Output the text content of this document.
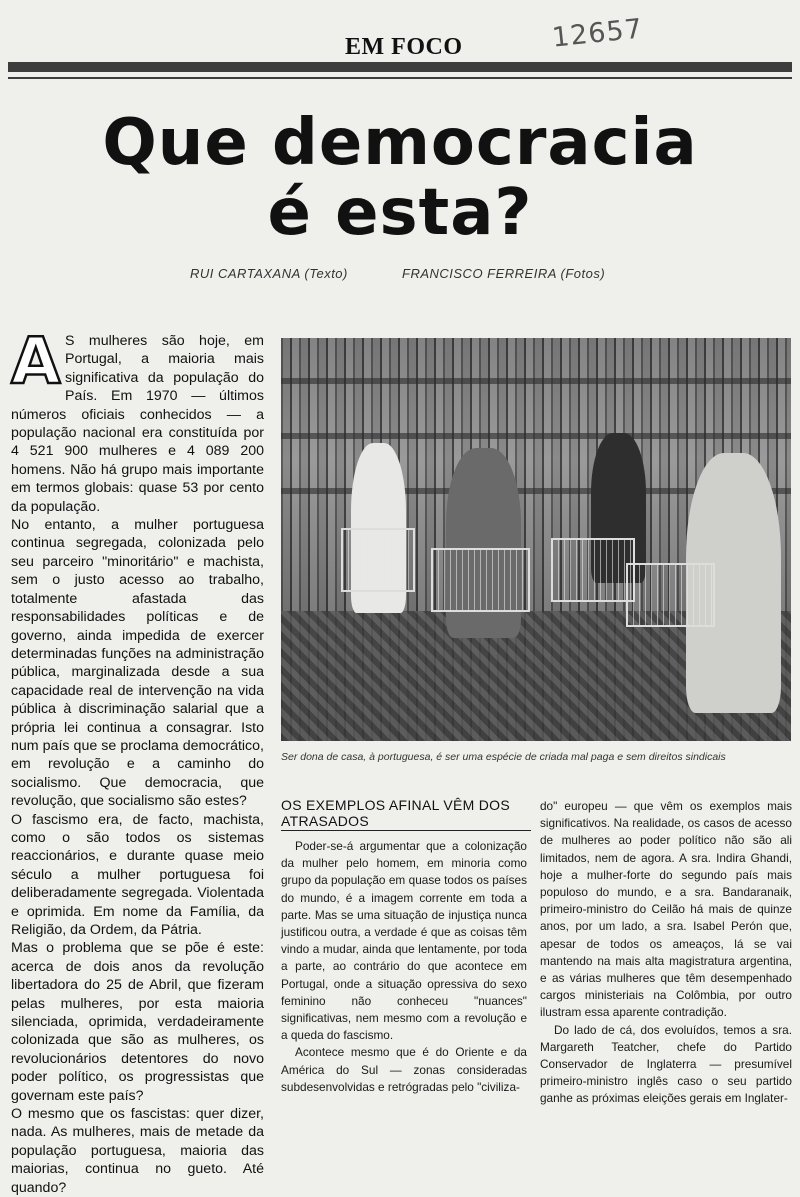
EM FOCO	12657
Que democracia
é esta?
RUI CARTAXANA (Texto)	FRANCISCO FERREIRA (Fotos)
A S mulheres são hoje, em Portugal, a maioria mais significativa da população do País. Em 1970 — últimos números oficiais conhecidos — a população nacional era constituída por 4 521 900 mulheres e 4 089 200 homens. Não há grupo mais importante em termos globais: quase 53 por cento da população.

No entanto, a mulher portuguesa continua segregada, colonizada pelo seu parceiro "minoritário" e machista, sem o justo acesso ao trabalho, totalmente afastada das responsabilidades políticas e de governo, ainda impedida de exercer determinadas funções na administração pública, marginalizada desde a sua capacidade real de intervenção na vida pública à discriminação salarial que a própria lei continua a consagrar. Isto num país que se proclama democrático, em revolução e a caminho do socialismo. Que democracia, que revolução, que socialismo são estes?

O fascismo era, de facto, machista, como o são todos os sistemas reaccionários, e durante quase meio século a mulher portuguesa foi deliberadamente segregada. Violentada e oprimida. Em nome da Família, da Religião, da Ordem, da Pátria.

Mas o problema que se põe é este: acerca de dois anos da revolução libertadora do 25 de Abril, que fizeram pelas mulheres, por esta maioria silenciada, oprimida, verdadeiramente colonizada que são as mulheres, os revolucionários detentores do novo poder político, os progressistas que governam este país?

O mesmo que os fascistas: quer dizer, nada. As mulheres, mais de metade da população portuguesa, maioria das maiorias, continua no gueto. Até quando?

Ser dona de casa, à portuguesa, é ser uma espécie de criada mal paga e sem direitos sindicais
OS EXEMPLOS AFINAL VÊM DOS ATRASADOS

Poder-se-á argumentar que a colonização da mulher pelo homem, em minoria como grupo da população em quase todos os países do mundo, é a imagem corrente em toda a parte. Mas se uma situação de injustiça nunca justificou outra, a verdade é que as coisas têm vindo a mudar, ainda que lentamente, por toda a parte, ao contrário do que acontece em Portugal, onde a situação opressiva do sexo feminino não conheceu "nuances" significativas, nem mesmo com a revolução e a queda do fascismo.

Acontece mesmo que é do Oriente e da América do Sul — zonas consideradas subdesenvolvidas e retrógradas pelo "civiliza-

do" europeu — que vêm os exemplos mais significativos. Na realidade, os casos de acesso de mulheres ao poder político não são ali limitados, nem de agora. A sra. Indira Ghandi, hoje a mulher-forte do segundo país mais populoso do mundo, e a sra. Bandaranaik, primeiro-ministro do Ceilão há mais de quinze anos, por um lado, a sra. Isabel Perón que, apesar de todos os ameaços, lá se vai mantendo na mais alta magistratura argentina, e as várias mulheres que têm desempenhado cargos ministeriais na Colômbia, por outro ilustram essa aparente contradição.

Do lado de cá, dos evoluídos, temos a sra. Margareth Teatcher, chefe do Partido Conservador de Inglaterra — presumível primeiro-ministro inglês caso o seu partido ganhe as próximas eleições gerais em Inglater-
